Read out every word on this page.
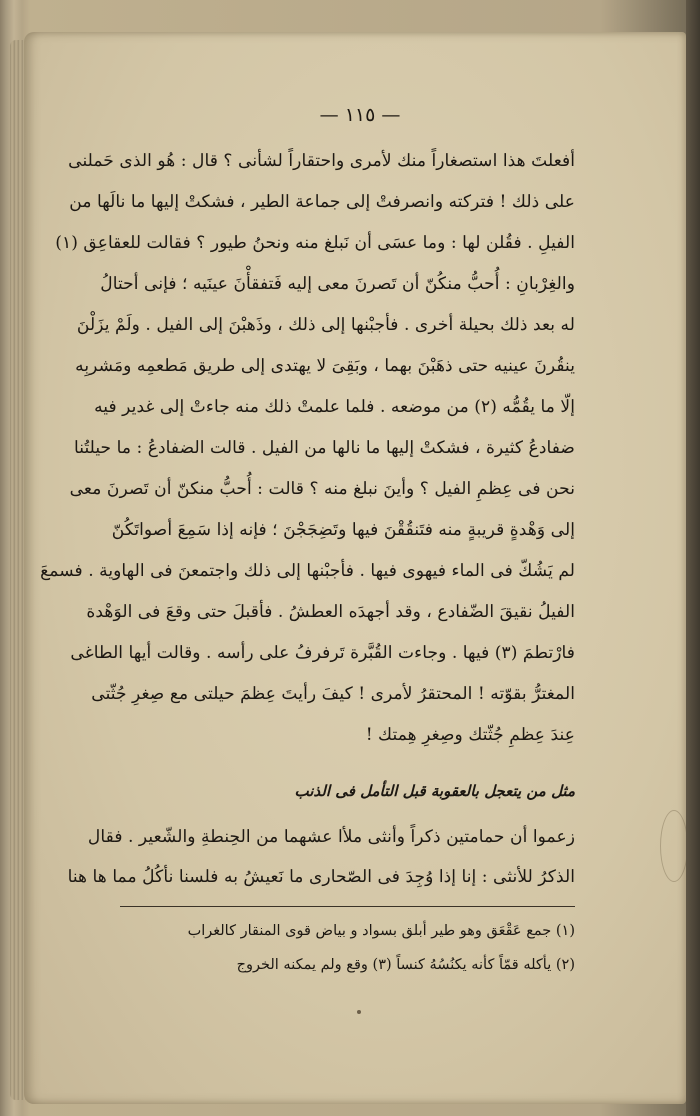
— ١١٥ —
أفعلتَ هذا استصغاراً منك لأمرى واحتقاراً لشأنى ؟ قال : هُو الذى حَملنى
على ذلك ! فتركته وانصرفتْ إلى جماعة الطير ، فشكتْ إليها ما نالَها من
الفيلِ . فقُلن لها : وما عسَى أن نَبلغ منه ونحنُ طيور ؟ فقالت للعقاعِق (١)
والغِرْبانِ : أُحبُّ منكُنّ أن تَصرنَ معى إليه فَتفقأْنَ عينَيه ؛ فإنى أحتالُ
له بعد ذلك بحيلة أخرى . فأجبْنها إلى ذلك ، وذَهبْنَ إلى الفيل . ولَمْ يزَلْنَ
ينقُرنَ عينيه حتى ذهَبْنَ بهما ، وبَقِىَ لا يهتدى إلى طريق مَطعمِه ومَشربِه
إلّا ما يقُمُّه (٢) من موضعه . فلما علمتْ ذلك منه جاءتْ إلى غدير فيه
ضفادعُ كثيرة ، فشكتْ إليها ما نالها من الفيل . قالت الضفادعُ : ما حيلتُنا
نحن فى عِظمِ الفيل ؟ وأينَ نبلغ منه ؟ قالت : أُحبُّ منكنّ أن تَصرنَ معى
إلى وَهْدةٍ قريبةٍ منه فتَنقُقْنَ فيها وتَضِجَجْنَ ؛ فإنه إذا سَمِعَ أصواتَكُنّ
لم يَشُكّ فى الماء فيهوى فيها . فأجبْنها إلى ذلك واجتمعنَ فى الهاوية . فسمعَ
الفيلُ نقيقَ الضّفادع ، وقد أجهدَه العطشُ . فأقبلَ حتى وقعَ فى الوَهْدة
فارْتطمَ (٣) فيها . وجاءت القُبَّرة تَرفرفُ على رأسه . وقالت أيها الطاغى
المغترُّ بقوّته ! المحتقرُ لأمرى ! كيفَ رأيتَ عِظمَ حيلتى مع صِغرِ جُثّتى
عِندَ عِظمِ جُثّتك وصِغرِ هِمتك !
مثل من يتعجل بالعقوبة قبل التأمل فى الذنب
زعموا أن حمامتين ذكراً وأنثى ملأا عشهما من الحِنطةِ والشّعير . فقال
الذكرُ للأنثى : إنا إذا وُجِدَ فى الصّحارى ما نَعيشُ به فلسنا نأكُلُ مما ها هنا
(١) جمع عَقْعَق وهو طير أبلق بسواد و بياض قوى المنقار كالغراب
(٢) يأكله قمّاً كأنه يكنُسُهُ كنساً (٣) وقع ولم يمكنه الخروج
